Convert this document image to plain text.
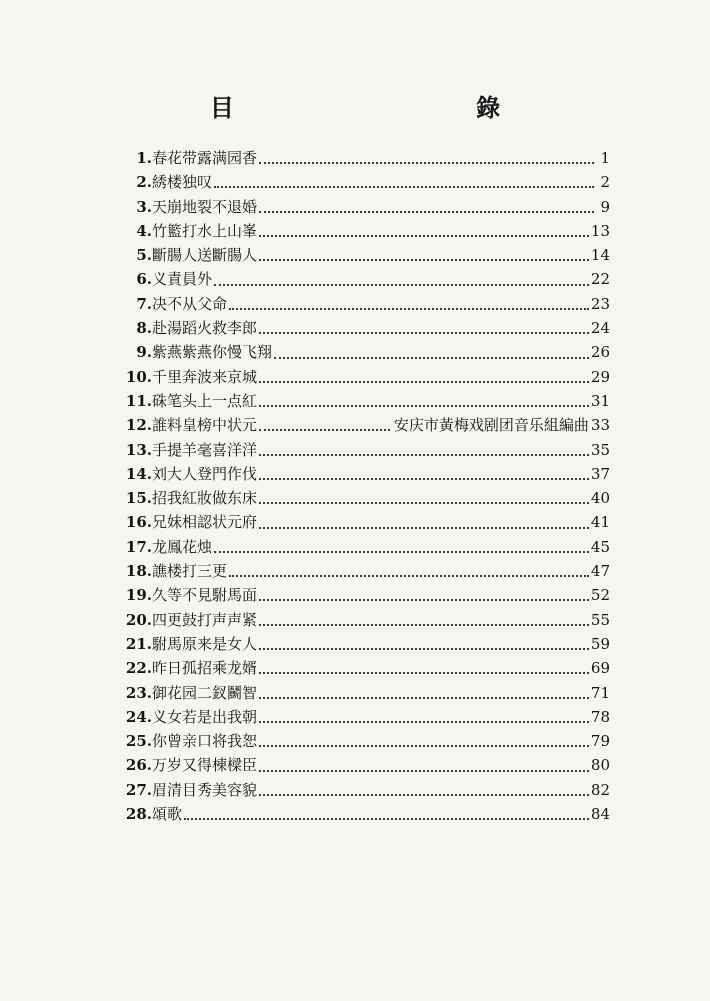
目　 錄
1. 春花带露满园香	1
2. 綉楼独叹	2
3. 天崩地裂不退婚	9
4. 竹籃打水上山峯	13
5. 斷腸人送斷腸人	14
6. 义責員外	22
7. 决不从父命	23
8. 赴湯蹈火救李郎	24
9. 紫燕紫燕你慢飞翔	26
10. 千里奔波来京城	29
11. 硃笔头上一点紅	31
12. 誰料皇榜中状元	安庆市黃梅戏剧团音乐組編曲 33
13. 手提羊毫喜洋洋	35
14. 刘大人登門作伐	37
15. 招我紅妝做东床	40
16. 兄妹相認状元府	41
17. 龙鳳花烛	45
18. 譙楼打三更	47
19. 久等不見駙馬面	52
20. 四更鼓打声声紧	55
21. 駙馬原来是女人	59
22. 昨日孤招乘龙婿	69
23. 御花园二釵鬭智	71
24. 义女若是出我朝	78
25. 你曾亲口将我恕	79
26. 万岁又得棟樑臣	80
27. 眉清目秀美容貌	82
28. 頌歌	84
